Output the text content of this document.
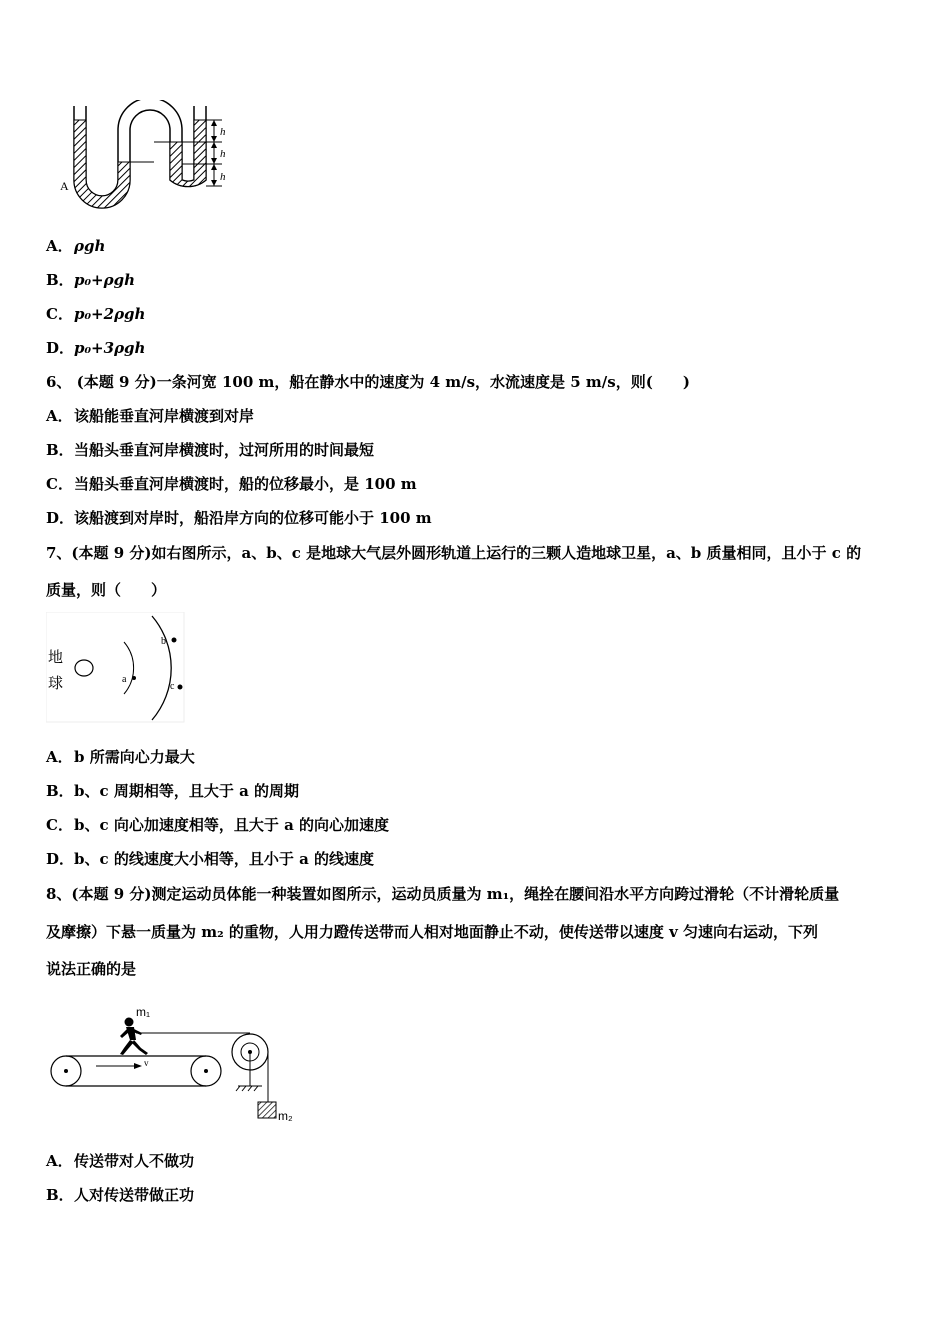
h
h
h
A
A．ρgh
B．p₀+ρgh
C．p₀+2ρgh
D．p₀+3ρgh
6、 (本题 9 分)一条河宽 100 m，船在静水中的速度为 4 m/s，水流速度是 5 m/s，则(　　)
A．该船能垂直河岸横渡到对岸
B．当船头垂直河岸横渡时，过河所用的时间最短
C．当船头垂直河岸横渡时，船的位移最小，是 100 m
D．该船渡到对岸时，船沿岸方向的位移可能小于 100 m
7、(本题 9 分)如右图所示，a、b、c 是地球大气层外圆形轨道上运行的三颗人造地球卫星，a、b 质量相同，且小于 c 的
质量，则（　　）
地
球	a
b
c
A．b 所需向心力最大
B．b、c 周期相等，且大于 a 的周期
C．b、c 向心加速度相等，且大于 a 的向心加速度
D．b、c 的线速度大小相等，且小于 a 的线速度
8、(本题 9 分)测定运动员体能一种装置如图所示，运动员质量为 m₁，绳拴在腰间沿水平方向跨过滑轮（不计滑轮质量
及摩擦）下悬一质量为 m₂ 的重物，人用力蹬传送带而人相对地面静止不动，使传送带以速度 v 匀速向右运动，下列
说法正确的是
v
m₁
m₂
A．传送带对人不做功
B．人对传送带做正功
